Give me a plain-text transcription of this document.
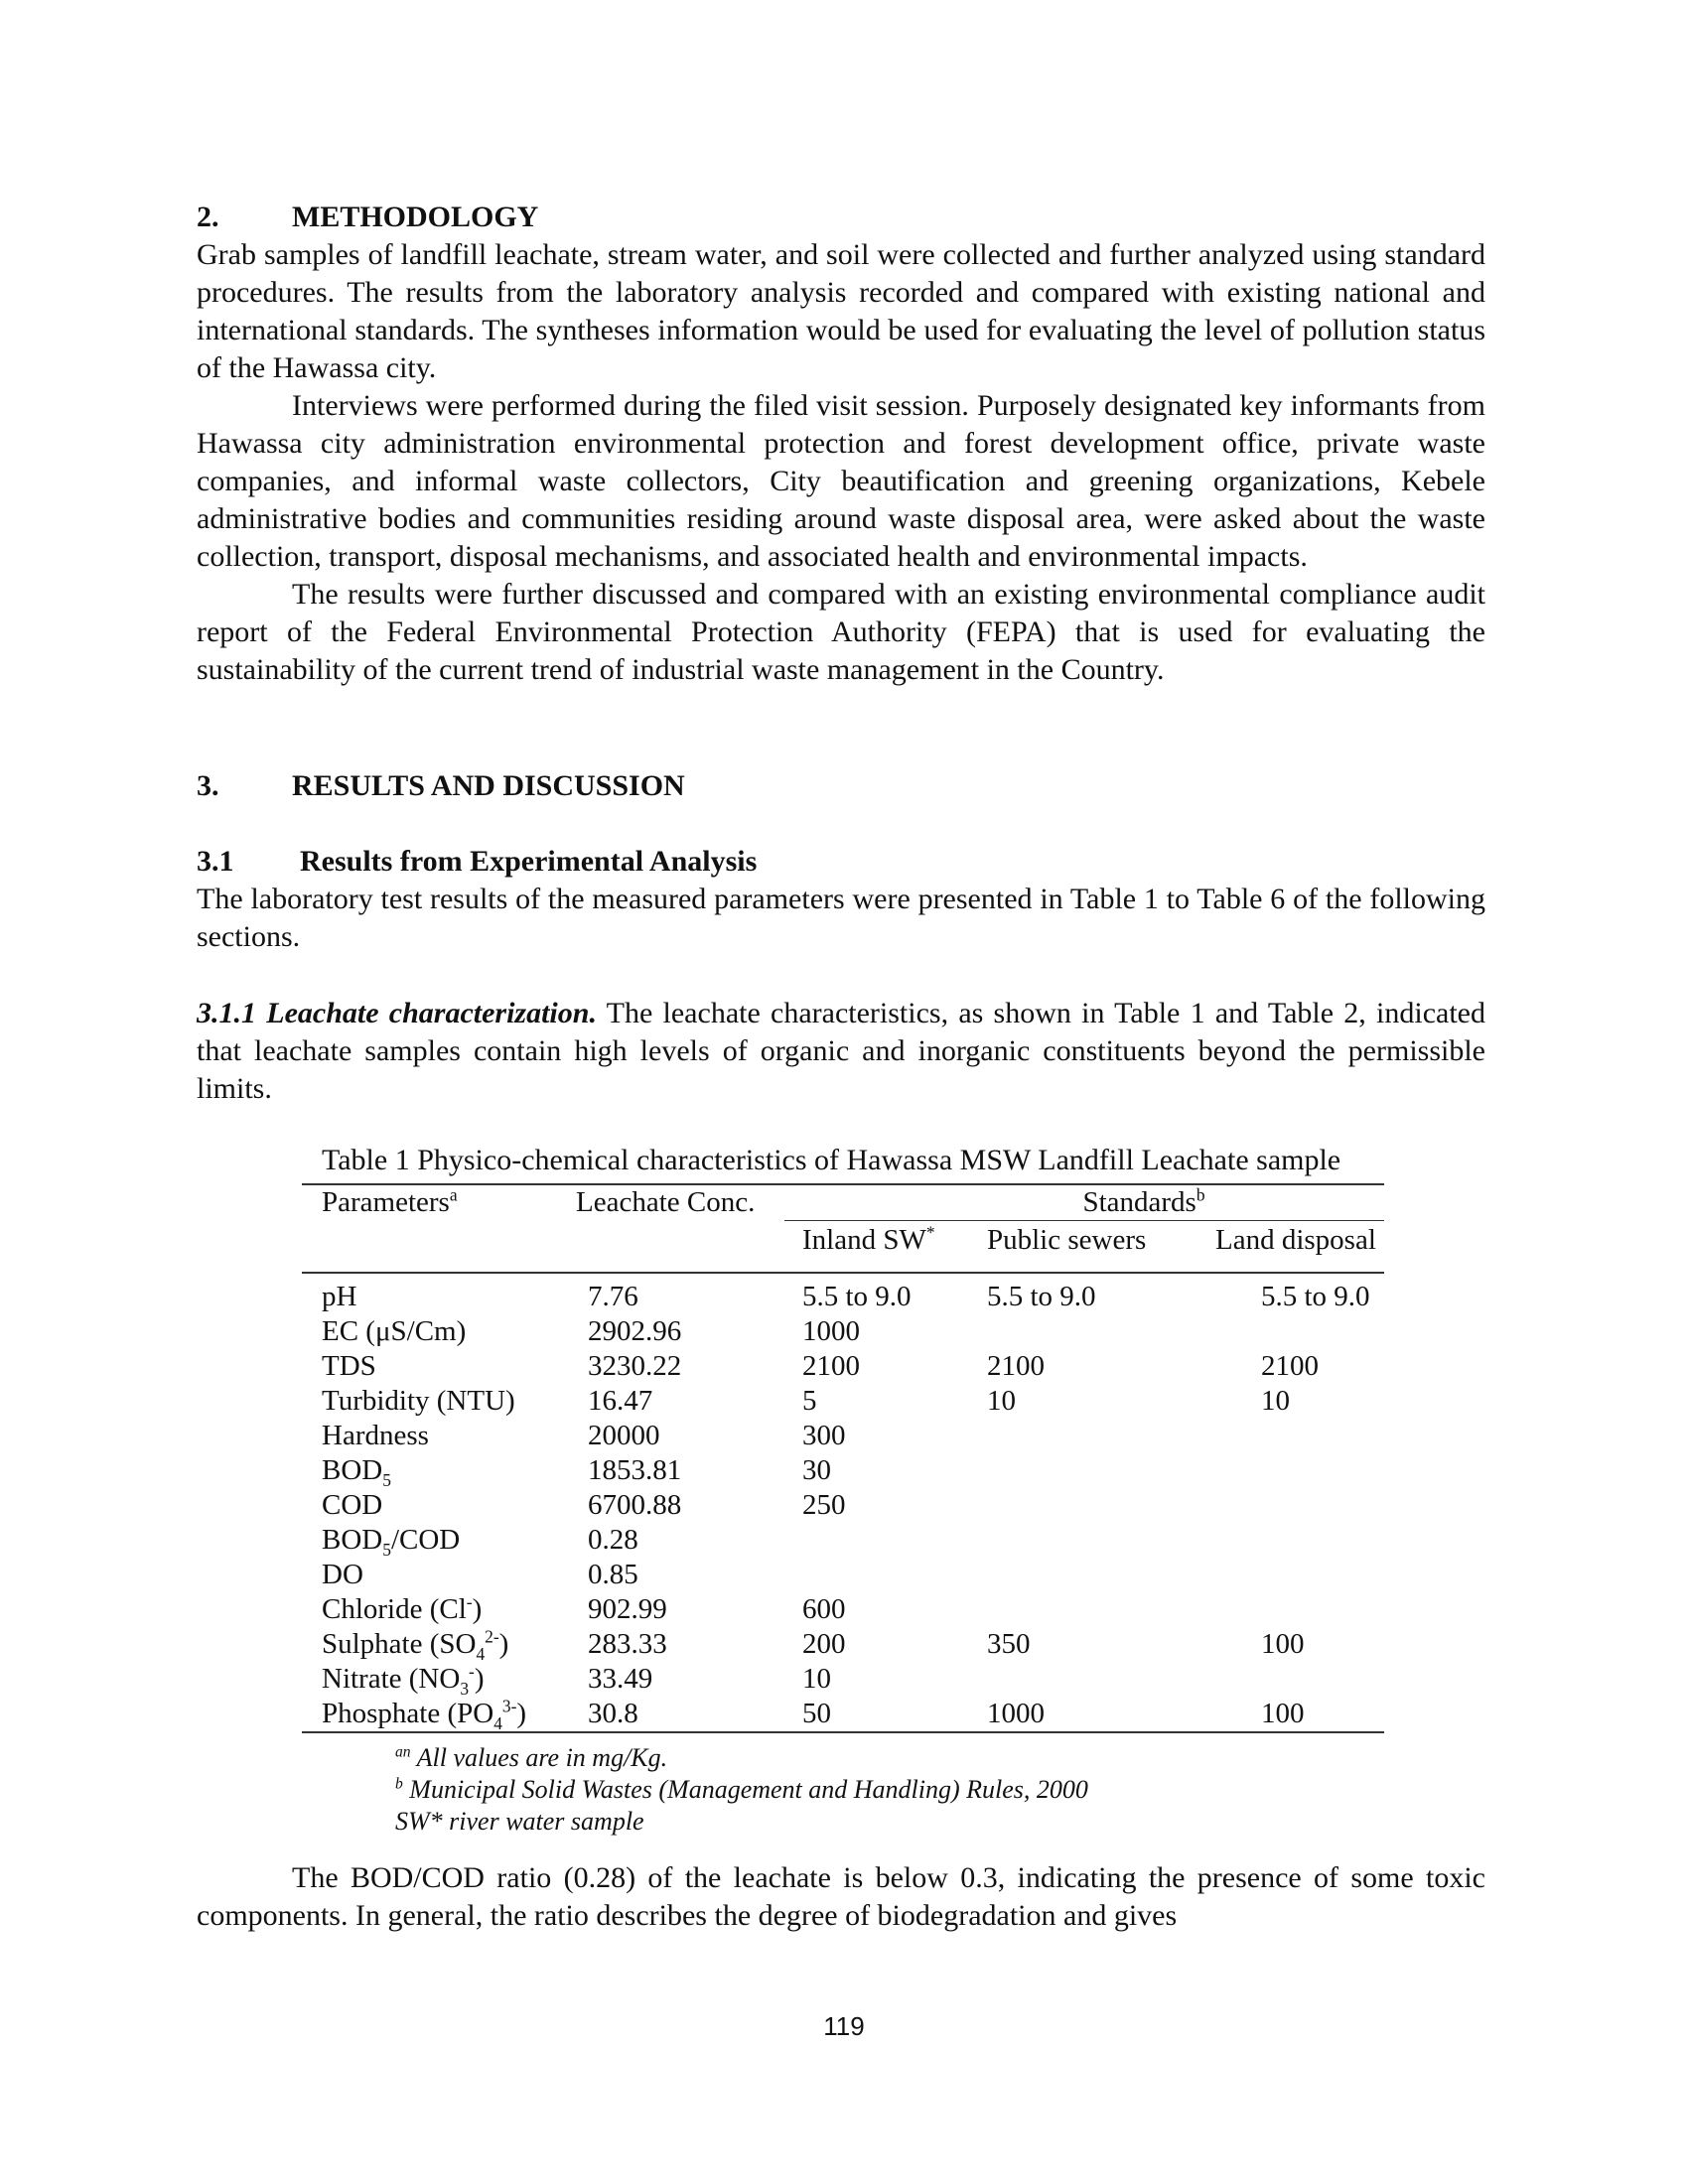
2. METHODOLOGY

Grab samples of landfill leachate, stream water, and soil were collected and further analyzed using standard procedures. The results from the laboratory analysis recorded and compared with existing national and international standards. The syntheses information would be used for evaluating the level of pollution status of the Hawassa city.

Interviews were performed during the filed visit session. Purposely designated key informants from Hawassa city administration environmental protection and forest development office, private waste companies, and informal waste collectors, City beautification and greening organizations, Kebele administrative bodies and communities residing around waste disposal area, were asked about the waste collection, transport, disposal mechanisms, and associated health and environmental impacts.

The results were further discussed and compared with an existing environmental compliance audit report of the Federal Environmental Protection Authority (FEPA) that is used for evaluating the sustainability of the current trend of industrial waste management in the Country.

3. RESULTS AND DISCUSSION
3.1 Results from Experimental Analysis

The laboratory test results of the measured parameters were presented in Table 1 to Table 6 of the following sections.

3.1.1 Leachate characterization. The leachate characteristics, as shown in Table 1 and Table 2, indicated that leachate samples contain high levels of organic and inorganic constituents beyond the permissible limits.

Table 1 Physico-chemical characteristics of Hawassa MSW Landfill Leachate sample
Parameters$^a$	Leachate Conc.	Standards$^b$
		Inland SW*	Public sewers	Land disposal

pH	7.76	5.5 to 9.0	5.5 to 9.0	5.5 to 9.0
EC (μS/Cm)	2902.96	1000		
TDS	3230.22	2100	2100	2100
Turbidity (NTU)	16.47	5	10	10
Hardness	20000	300		
$BOD_5$	1853.81	30		
COD	6700.88	250		
$BOD_5$/COD	0.28			
DO	0.85			
Chloride (Cl-)	902.99	600		
Sulphate $(SO_4^{2-})$	283.33	200	350	100
Nitrate $(NO_3^-)$	33.49	10		
Phosphate $(PO_4^{3-})$	30.8	50	1000	100
$^{an}$ All values are in mg/Kg.
$^b$ Municipal Solid Wastes (Management and Handling) Rules, 2000
SW* river water sample

The BOD/COD ratio (0.28) of the leachate is below 0.3, indicating the presence of some toxic components. In general, the ratio describes the degree of biodegradation and gives

119
